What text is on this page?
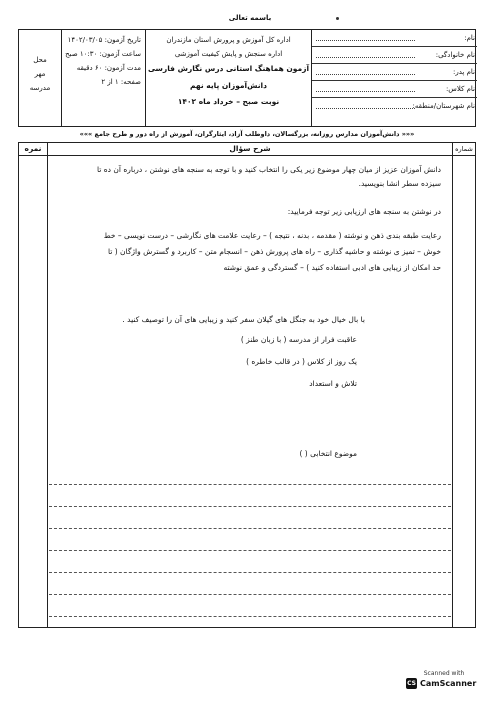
باسمه تعالی
محل
مهر
مدرسه
تاریخ آزمون: ۱۴۰۲/۰۳/۰۵
ساعت آزمون: ۱۰:۳۰ صبح
مدت آزمون: ۶۰ دقیقه
صفحه: ۱ از ۲
اداره کل آموزش و پرورش استان مازندران
اداره سنجش و پایش کیفیت آموزشی
آزمون هماهنگ استانی درس نگارش فارسی
دانش‌آموزان پایه نهم
نوبت صبح – خرداد ماه ۱۴۰۲
نام:
نام خانوادگی:
نام پدر:
نام کلاس:
نام شهرستان/منطقه:
««« دانش‌آموزان مدارس روزانه، بزرگسالان، داوطلب آزاد، ایثارگران، آموزش از راه دور و طرح جامع »»»
نمره	شرح سؤال	شماره
دانش آموزان عزیز از میان چهار موضوع زیر یکی را انتخاب کنید و با توجه به سنجه های نوشتن ، درباره آن ده تا
سیزده سطر انشا بنویسید.
در نوشتن به سنجه های ارزیابی زیر توجه فرمایید:
رعایت طبقه بندی ذهن و نوشته ( مقدمه ، بدنه ، نتیجه ) – رعایت علامت های نگارشی – درست نویسی – خط
خوش – تمیز ی نوشته و حاشیه گذاری – راه های پرورش ذهن – انسجام متن – کاربرد و گسترش واژگان ( تا
حد امکان از زیبایی های ادبی استفاده کنید ) – گستردگی و عمق نوشته
با بال خیال خود به جنگل های گیلان سفر کنید و زیبایی های آن را توصیف کنید .
عاقبت فرار از مدرسه ( با زبان طنز )
یک روز از کلاس ( در قالب خاطره )
تلاش و استعداد
موضوع انتخابی ( )
Scanned with
CS CamScanner
